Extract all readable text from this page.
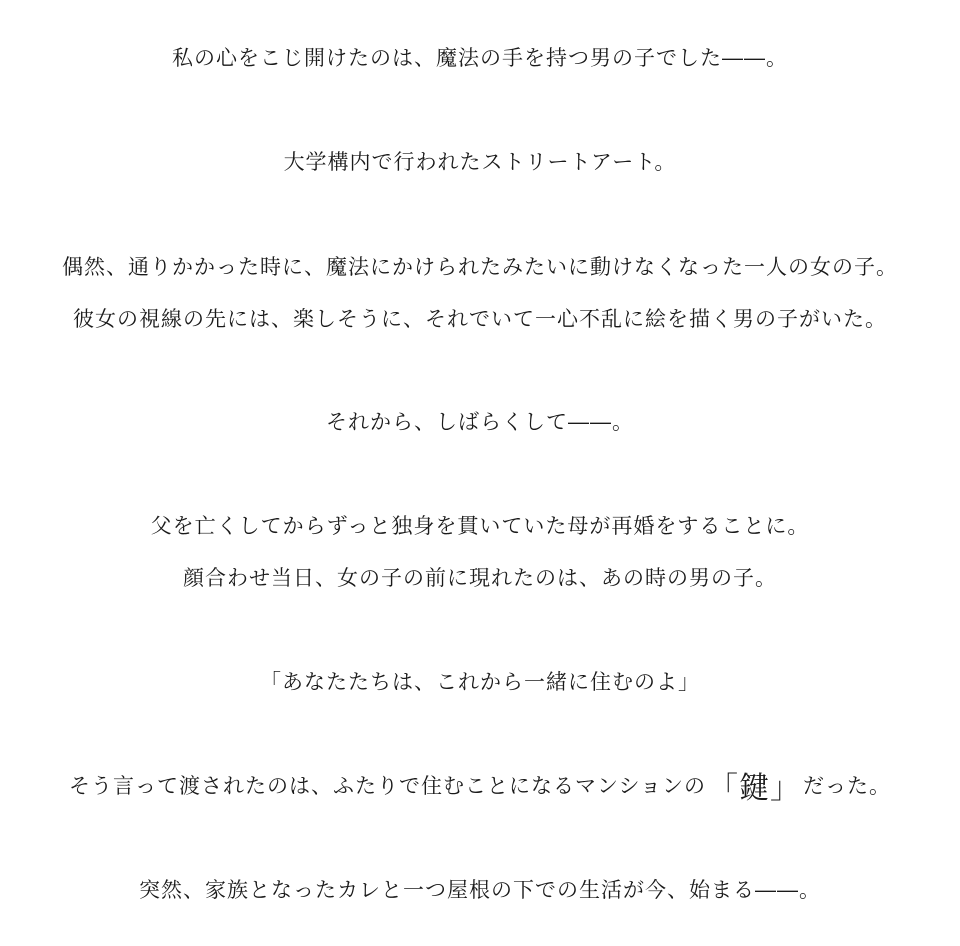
私の心をこじ開けたのは、魔法の手を持つ男の子でした――。
大学構内で行われたストリートアート。
偶然、通りかかった時に、魔法にかけられたみたいに動けなくなった一人の女の子。
彼女の視線の先には、楽しそうに、それでいて一心不乱に絵を描く男の子がいた。
それから、しばらくして――。
父を亡くしてからずっと独身を貫いていた母が再婚をすることに。
顔合わせ当日、女の子の前に現れたのは、あの時の男の子。
「あなたたちは、これから一緒に住むのよ」
そう言って渡されたのは、ふたりで住むことになるマンションの「鍵」だった。
突然、家族となったカレと一つ屋根の下での生活が今、始まる――。
